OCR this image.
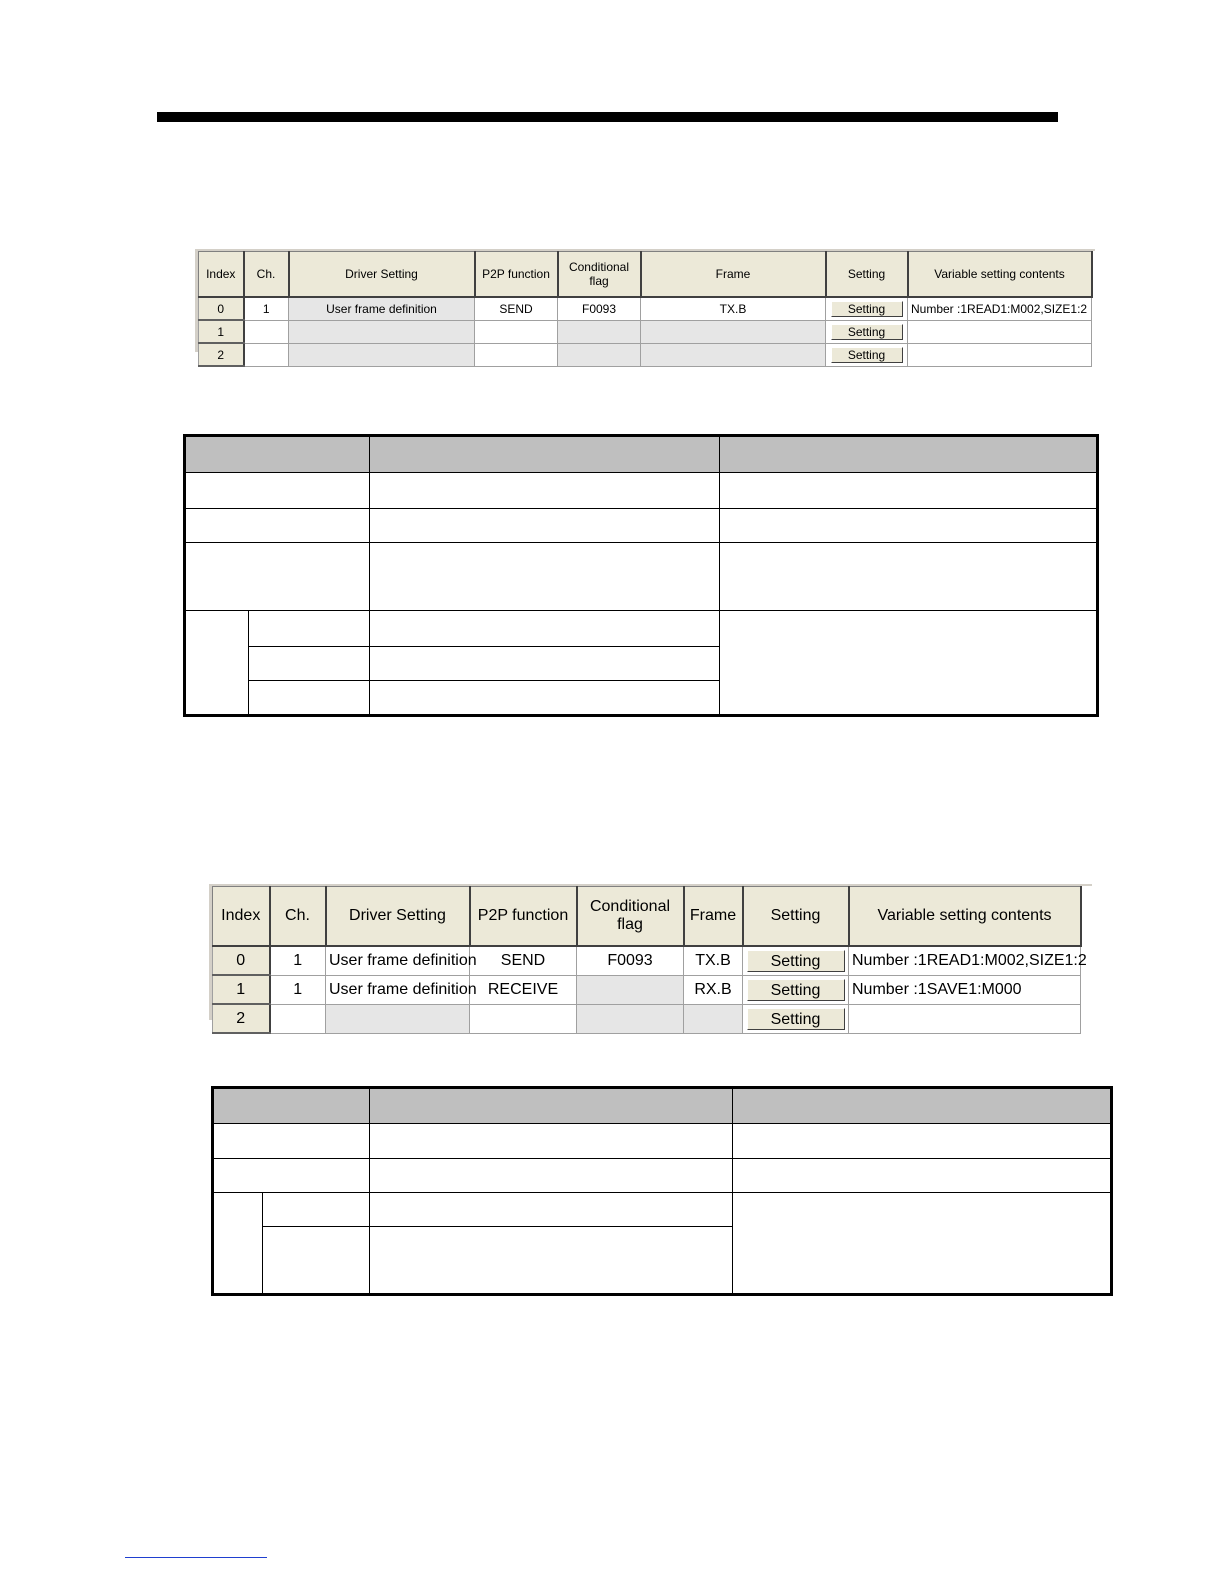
Index	Ch.	Driver Setting	P2P function	Conditional flag	Frame	Setting	Variable setting contents
0	1	User frame definition	SEND	F0093	TX.B	Setting	Number :1READ1:M002,SIZE1:2
1						Setting	
2						Setting	

Index	Ch.	Driver Setting	P2P function	Conditional flag	Frame	Setting	Variable setting contents
0	1	User frame definition	SEND	F0093	TX.B	Setting	Number :1READ1:M002,SIZE1:2
1	1	User frame definition	RECEIVE		RX.B	Setting	Number :1SAVE1:M000
2						Setting	
